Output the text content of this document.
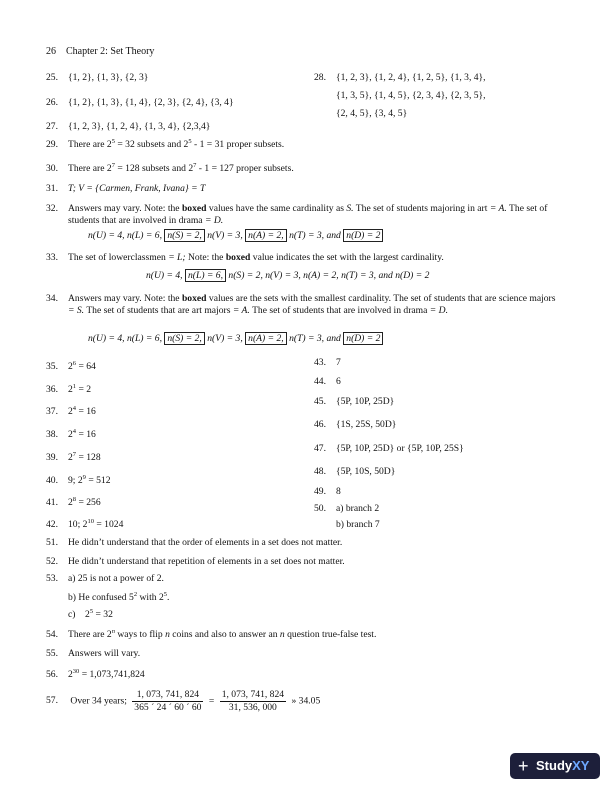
26 Chapter 2: Set Theory
25. {1, 2}, {1, 3}, {2, 3}
26. {1, 2}, {1, 3}, {1, 4}, {2, 3}, {2, 4}, {3, 4}
27. {1, 2, 3}, {1, 2, 4}, {1, 3, 4}, {2,3,4}
28. {1, 2, 3}, {1, 2, 4}, {1, 2, 5}, {1, 3, 4},
{1, 3, 5}, {1, 4, 5}, {2, 3, 4}, {2, 3, 5},
{2, 4, 5}, {3, 4, 5}
29. There are $2^5 = 32$ subsets and $2^5 - 1 = 31$ proper subsets.
30. There are $2^7 = 128$ subsets and $2^7 - 1 = 127$ proper subsets.
31. T; V = {Carmen, Frank, Ivana} = T
32. Answers may vary. Note: the boxed values have the same cardinality as S. The set of students majoring in art = A. The set of students that are involved in drama = D.
n(U) = 4, n(L) = 6, n(S) = 2, n(V) = 3, n(A) = 2, n(T) = 3, and n(D) = 2
33. The set of lowerclassmen = L; Note: the boxed value indicates the set with the largest cardinality.
n(U) = 4, n(L) = 6, n(S) = 2, n(V) = 3, n(A) = 2, n(T) = 3, and n(D) = 2
34. Answers may vary. Note: the boxed values are the sets with the smallest cardinality. The set of students that are science majors = S. The set of students that are art majors = A. The set of students that are involved in drama = D.
n(U) = 4, n(L) = 6, n(S) = 2, n(V) = 3, n(A) = 2, n(T) = 3, and n(D) = 2
35. $2^6 = 64$
36. $2^1 = 2$
37. $2^4 = 16$
38. $2^4 = 16$
39. $2^7 = 128$
40. 9; $2^9 = 512$
41. $2^8 = 256$
42. 10; $2^{10} = 1024$
43. 7
44. 6
45. {5P, 10P, 25D}
46. {1S, 25S, 50D}
47. {5P, 10P, 25D} or {5P, 10P, 25S}
48. {5P, 10S, 50D}
49. 8
50. a) branch 2
b) branch 7
51. He didn’t understand that the order of elements in a set does not matter.
52. He didn’t understand that repetition of elements in a set does not matter.
53. a) 25 is not a power of 2.
b) He confused $5^2$ with $2^5$.
c) $2^5 = 32$
54. There are 2$^n$ ways to flip n coins and also to answer an n question true-false test.
55. Answers will vary.
56. $2^{30} = 1,073,741,824$
57. Over 34 years; $\frac{1, 073, 741, 824}{365 ´ 24 ´ 60 ´ 60} = \frac{1, 073, 741, 824}{31, 536, 000}$ » 34.05
+ StudyXY
